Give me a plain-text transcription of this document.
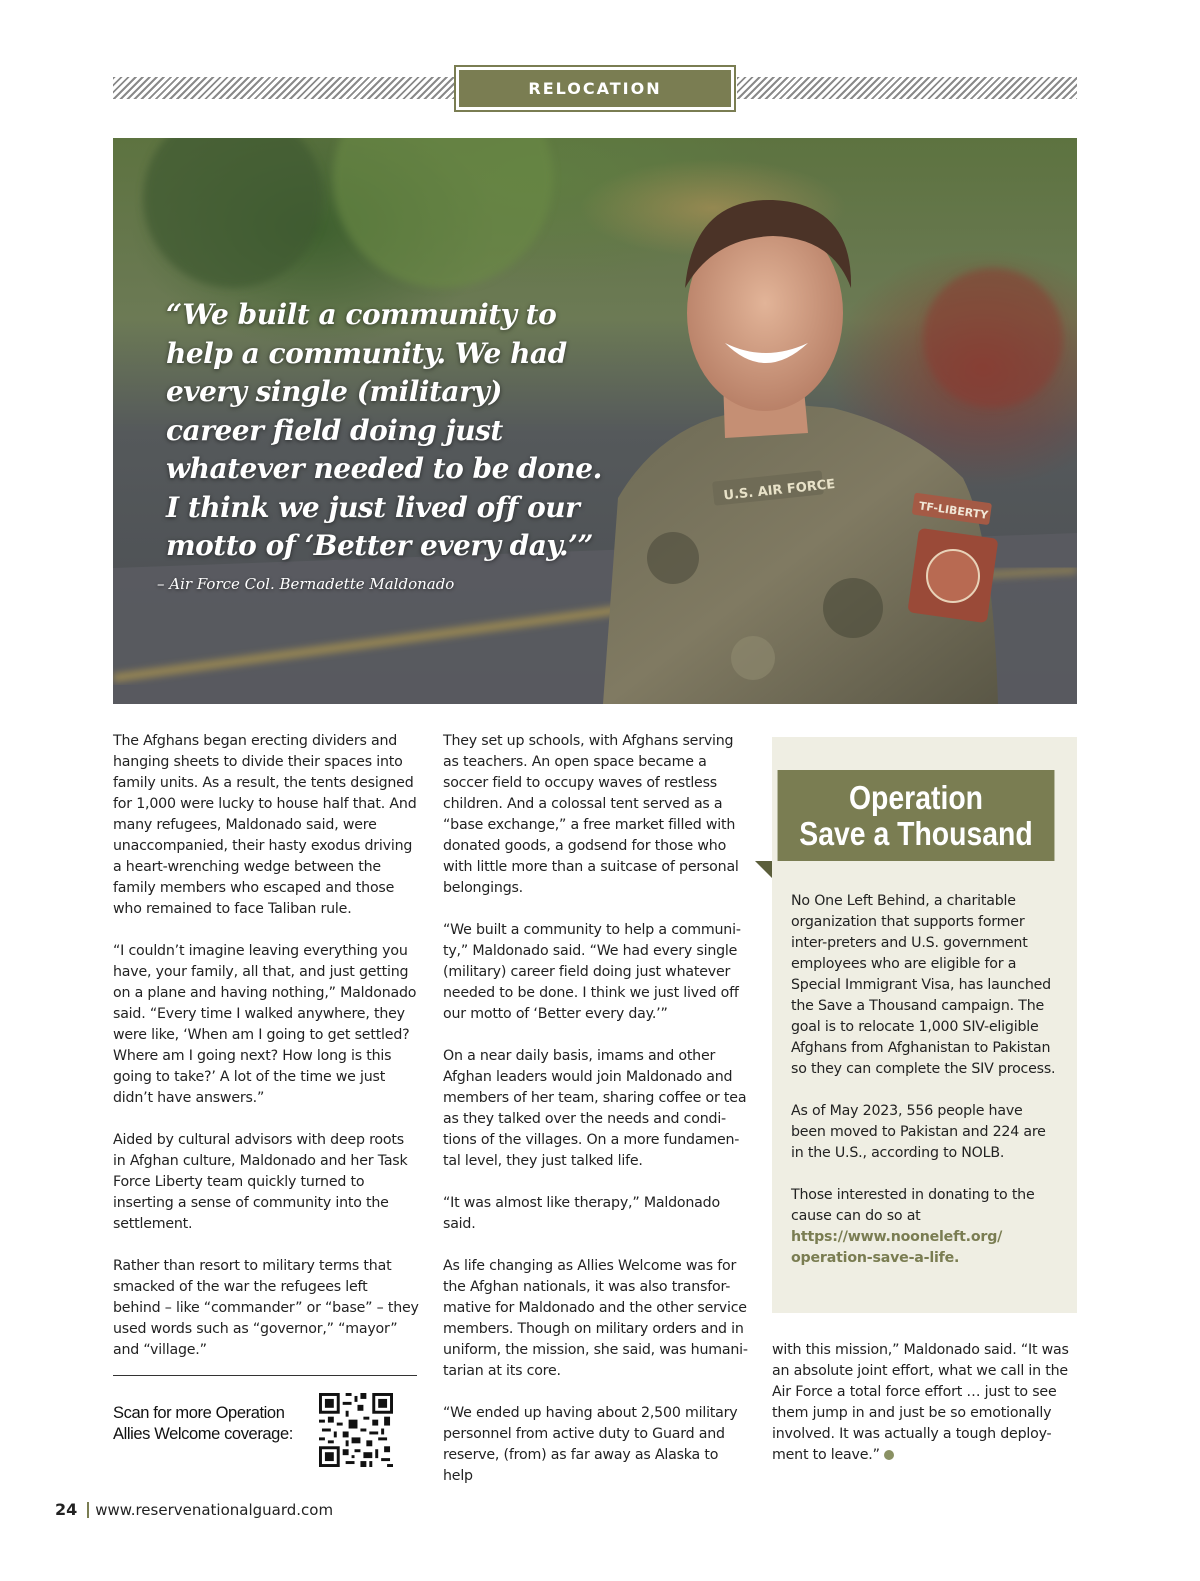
RELOCATION
U.S. AIR FORCE
TF-LIBERTY
“We built a community to
help a community. We had
every single (military)
career field doing just
whatever needed to be done.
I think we just lived off our
motto of ‘Better every day.’”
– Air Force Col. Bernadette Maldonado

The Afghans began erecting dividers and hanging sheets to divide their spaces into family units. As a result, the tents designed for 1,000 were lucky to house half that. And many refugees, Maldonado said, were unaccompanied, their hasty exodus driving a heart-wrenching wedge between the family members who escaped and those who remained to face Taliban rule.

“I couldn’t imagine leaving everything you have, your family, all that, and just getting on a plane and having nothing,” Maldonado said. “Every time I walked anywhere, they were like, ‘When am I going to get settled? Where am I going next? How long is this going to take?’ A lot of the time we just didn’t have answers.”

Aided by cultural advisors with deep roots in Afghan culture, Maldonado and her Task Force Liberty team quickly turned to inserting a sense of community into the settlement.

Rather than resort to military terms that smacked of the war the refugees left behind – like “commander” or “base” – they used words such as “governor,” “mayor” and “village.”

Scan for more Operation
Allies Welcome coverage:

They set up schools, with Afghans serving as teachers. An open space became a soccer field to occupy waves of restless children. And a colossal tent served as a “base exchange,” a free market filled with donated goods, a godsend for those who with little more than a suitcase of personal belongings.

“We built a community to help a communi-ty,” Maldonado said. “We had every single (military) career field doing just whatever needed to be done. I think we just lived off our motto of ‘Better every day.’”

On a near daily basis, imams and other Afghan leaders would join Maldonado and members of her team, sharing coffee or tea as they talked over the needs and condi-tions of the villages. On a more fundamen-tal level, they just talked life.

“It was almost like therapy,” Maldonado said.

As life changing as Allies Welcome was for the Afghan nationals, it was also transfor-mative for Maldonado and the other service members. Though on military orders and in uniform, the mission, she said, was humani-tarian at its core.

“We ended up having about 2,500 military personnel from active duty to Guard and reserve, (from) as far away as Alaska to help

Operation
Save a Thousand

No One Left Behind, a charitable organization that supports former inter-preters and U.S. government employees who are eligible for a Special Immigrant Visa, has launched the Save a Thousand campaign. The goal is to relocate 1,000 SIV-eligible Afghans from Afghanistan to Pakistan so they can complete the SIV process.

As of May 2023, 556 people have been moved to Pakistan and 224 are in the U.S., according to NOLB.

Those interested in donating to the cause can do so at
https://www.nooneleft.org/
operation-save-a-life.

with this mission,” Maldonado said. “It was an absolute joint effort, what we call in the Air Force a total force effort … just to see them jump in and just be so emotionally involved. It was actually a tough deploy-ment to leave.”
24 www.reservenationalguard.com
